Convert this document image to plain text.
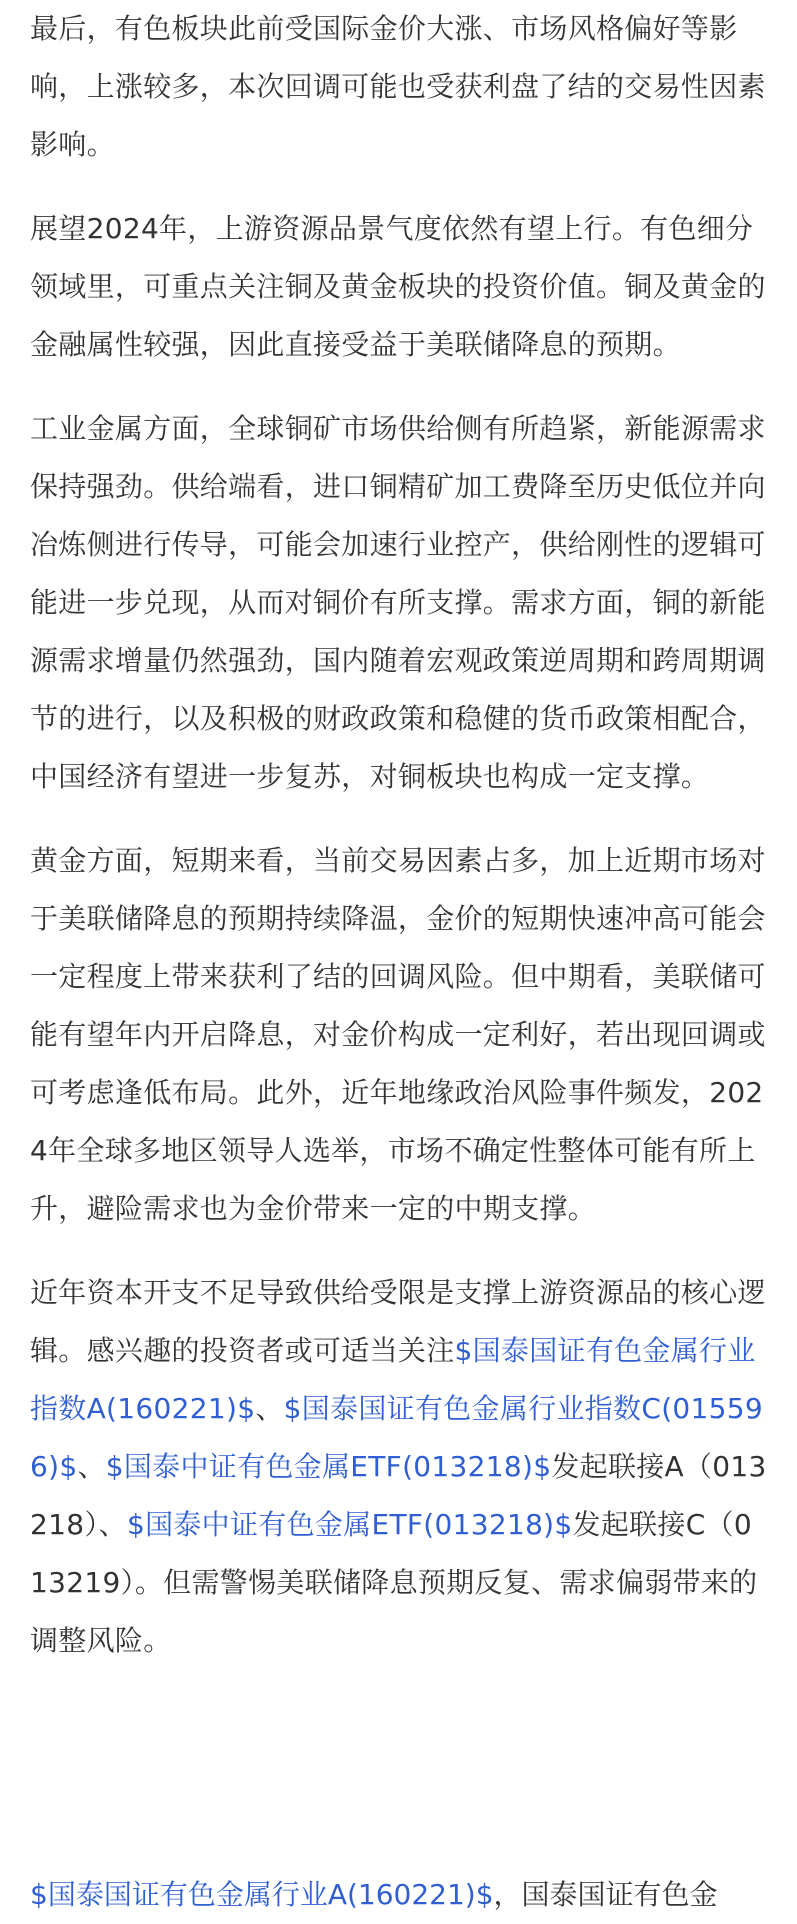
最后，有色板块此前受国际金价大涨、市场风格偏好等影响，上涨较多，本次回调可能也受获利盘了结的交易性因素影响。

展望2024年，上游资源品景气度依然有望上行。有色细分领域里，可重点关注铜及黄金板块的投资价值。铜及黄金的金融属性较强，因此直接受益于美联储降息的预期。

工业金属方面，全球铜矿市场供给侧有所趋紧，新能源需求保持强劲。供给端看，进口铜精矿加工费降至历史低位并向冶炼侧进行传导，可能会加速行业控产，供给刚性的逻辑可能进一步兑现，从而对铜价有所支撑。需求方面，铜的新能源需求增量仍然强劲，国内随着宏观政策逆周期和跨周期调节的进行，以及积极的财政政策和稳健的货币政策相配合，中国经济有望进一步复苏，对铜板块也构成一定支撑。

黄金方面，短期来看，当前交易因素占多，加上近期市场对于美联储降息的预期持续降温，金价的短期快速冲高可能会一定程度上带来获利了结的回调风险。但中期看，美联储可能有望年内开启降息，对金价构成一定利好，若出现回调或可考虑逢低布局。此外，近年地缘政治风险事件频发，2024年全球多地区领导人选举，市场不确定性整体可能有所上升，避险需求也为金价带来一定的中期支撑。

近年资本开支不足导致供给受限是支撑上游资源品的核心逻辑。感兴趣的投资者或可适当关注$国泰国证有色金属行业指数A(160221)$、$国泰国证有色金属行业指数C(015596)$、$国泰中证有色金属ETF(013218)$发起联接A（013218）、$国泰中证有色金属ETF(013218)$发起联接C（013219）。但需警惕美联储降息预期反复、需求偏弱带来的调整风险。

$国泰国证有色金属行业A(160221)$，国泰国证有色金
